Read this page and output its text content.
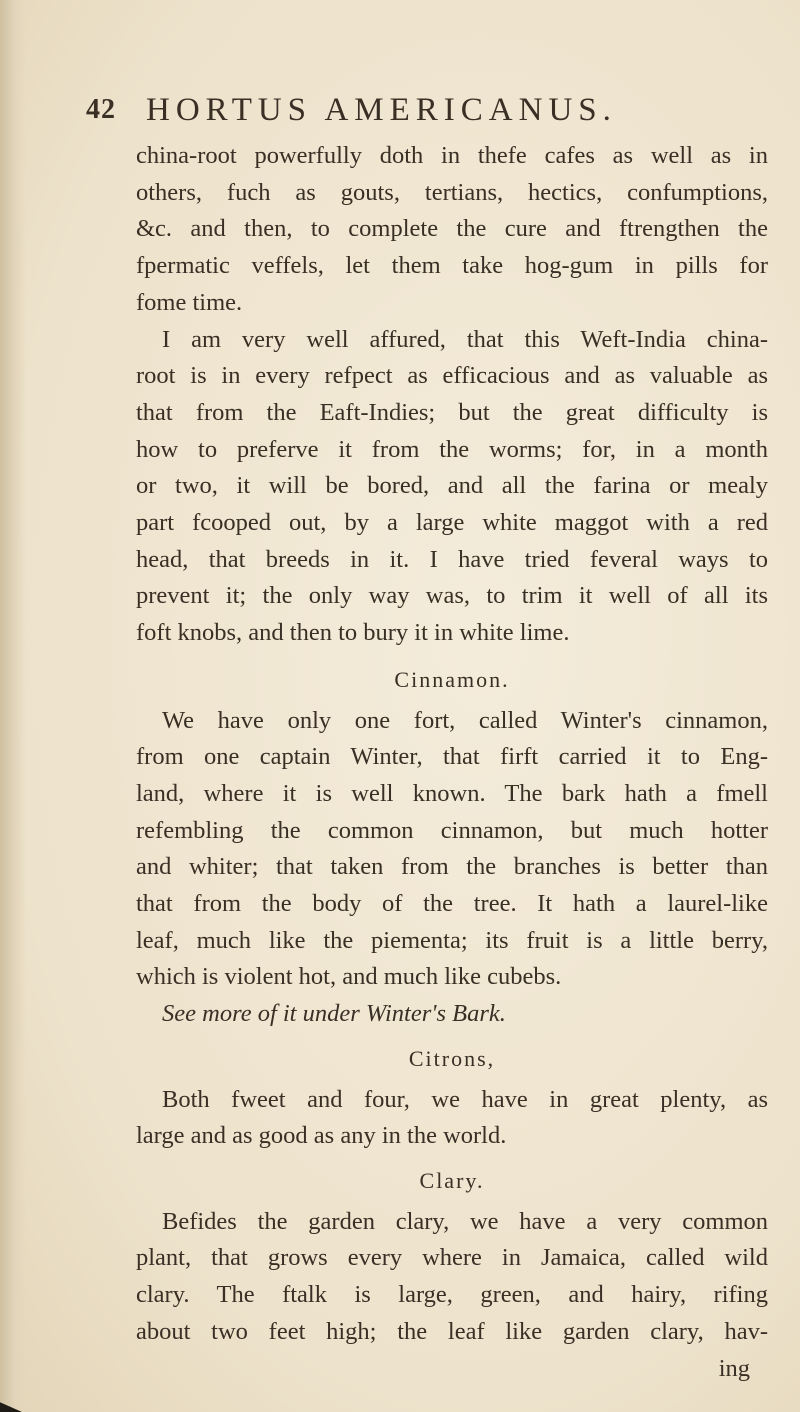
42 HORTUS AMERICANUS.
china-root powerfully doth in thefe cafes as well as in
others, fuch as gouts, tertians, hectics, confumptions,
&c. and then, to complete the cure and ftrengthen the
fpermatic veffels, let them take hog-gum in pills for
fome time.
I am very well affured, that this Weft-India china-
root is in every refpect as efficacious and as valuable as
that from the Eaft-Indies; but the great difficulty is
how to preferve it from the worms; for, in a month
or two, it will be bored, and all the farina or mealy
part fcooped out, by a large white maggot with a red
head, that breeds in it. I have tried feveral ways to
prevent it; the only way was, to trim it well of all its
foft knobs, and then to bury it in white lime.
Cinnamon.
We have only one fort, called Winter's cinnamon,
from one captain Winter, that firft carried it to Eng-
land, where it is well known. The bark hath a fmell
refembling the common cinnamon, but much hotter
and whiter; that taken from the branches is better than
that from the body of the tree. It hath a laurel-like
leaf, much like the piementa; its fruit is a little berry,
which is violent hot, and much like cubebs.
See more of it under Winter's Bark.
Citrons,
Both fweet and four, we have in great plenty, as
large and as good as any in the world.
Clary.
Befides the garden clary, we have a very common
plant, that grows every where in Jamaica, called wild
clary. The ftalk is large, green, and hairy, rifing
about two feet high; the leaf like garden clary, hav-
ing
